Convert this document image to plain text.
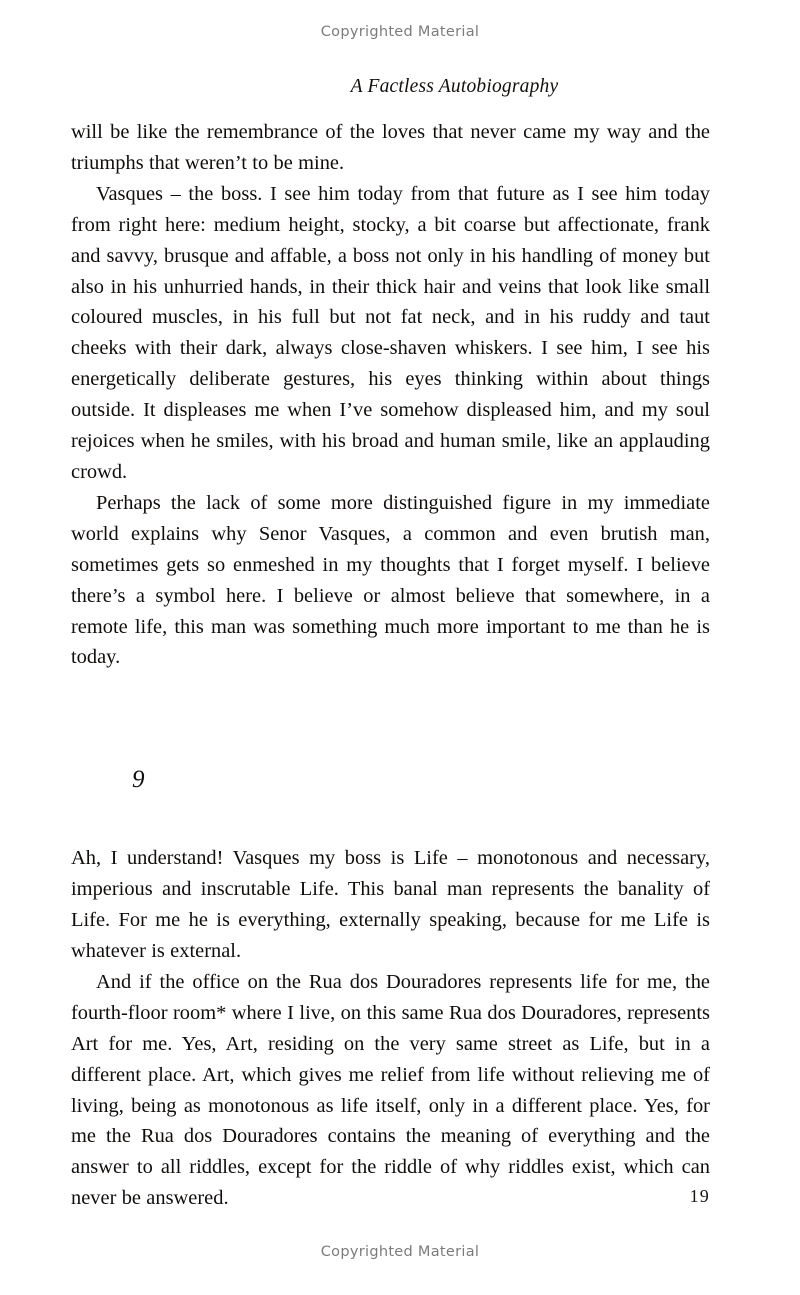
Copyrighted Material
A Factless Autobiography

will be like the remembrance of the loves that never came my way and the triumphs that weren’t to be mine.

Vasques – the boss. I see him today from that future as I see him today from right here: medium height, stocky, a bit coarse but affectionate, frank and savvy, brusque and affable, a boss not only in his handling of money but also in his unhurried hands, in their thick hair and veins that look like small coloured muscles, in his full but not fat neck, and in his ruddy and taut cheeks with their dark, always close-shaven whiskers. I see him, I see his energetically deliberate gestures, his eyes thinking within about things outside. It displeases me when I’ve somehow displeased him, and my soul rejoices when he smiles, with his broad and human smile, like an applauding crowd.

Perhaps the lack of some more distinguished figure in my immediate world explains why Senor Vasques, a common and even brutish man, sometimes gets so enmeshed in my thoughts that I forget myself. I believe there’s a symbol here. I believe or almost believe that somewhere, in a remote life, this man was something much more important to me than he is today.

9

Ah, I understand! Vasques my boss is Life – monotonous and necessary, imperious and inscrutable Life. This banal man represents the banality of Life. For me he is everything, externally speaking, because for me Life is whatever is external.

And if the office on the Rua dos Douradores represents life for me, the fourth-floor room* where I live, on this same Rua dos Douradores, represents Art for me. Yes, Art, residing on the very same street as Life, but in a different place. Art, which gives me relief from life without relieving me of living, being as monotonous as life itself, only in a different place. Yes, for me the Rua dos Douradores contains the meaning of everything and the answer to all riddles, except for the riddle of why riddles exist, which can never be answered.	19
Copyrighted Material
